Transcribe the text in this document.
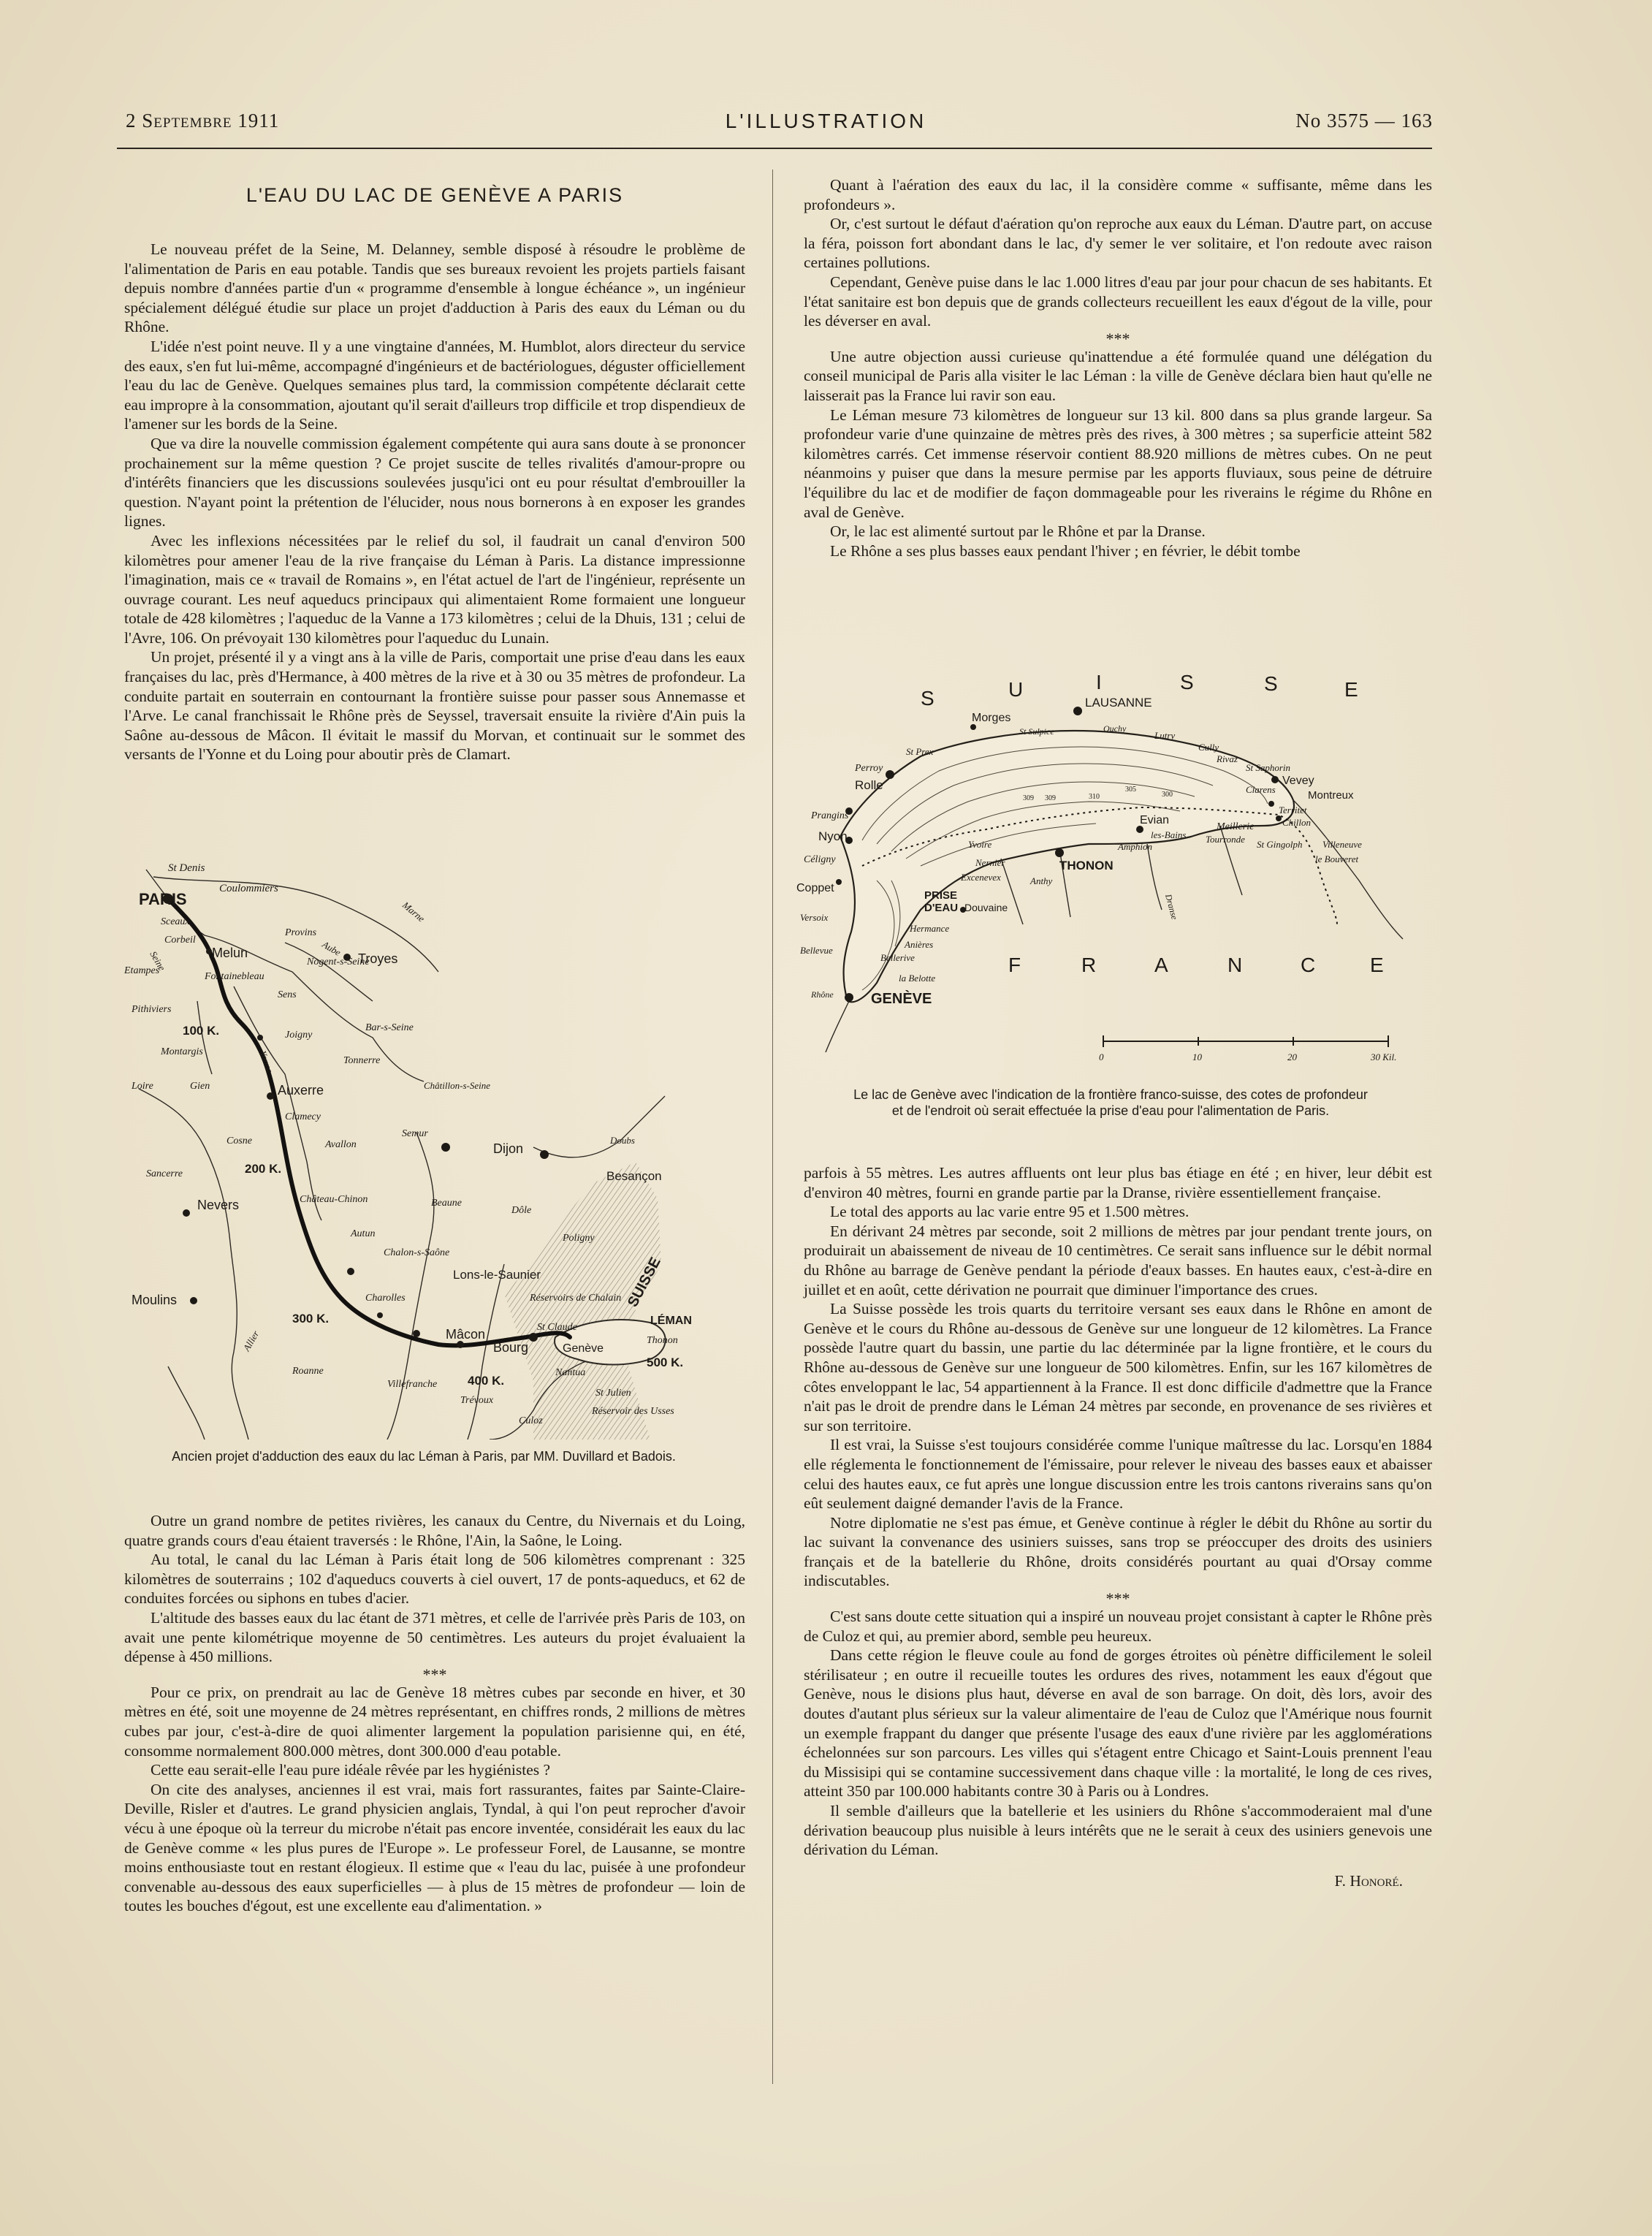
2 Septembre 1911	L'ILLUSTRATION	No 3575 — 163
L'EAU DU LAC DE GENÈVE A PARIS

Le nouveau préfet de la Seine, M. Delanney, semble disposé à résoudre le problème de l'alimentation de Paris en eau potable. Tandis que ses bureaux revoient les projets partiels faisant depuis nombre d'années partie d'un « programme d'ensemble à longue échéance », un ingénieur spécialement délégué étudie sur place un projet d'adduction à Paris des eaux du Léman ou du Rhône.

L'idée n'est point neuve. Il y a une vingtaine d'années, M. Humblot, alors directeur du service des eaux, s'en fut lui-même, accompagné d'ingénieurs et de bactériologues, déguster officiellement l'eau du lac de Genève. Quelques semaines plus tard, la commission compétente déclarait cette eau impropre à la consommation, ajoutant qu'il serait d'ailleurs trop difficile et trop dispendieux de l'amener sur les bords de la Seine.

Que va dire la nouvelle commission également compétente qui aura sans doute à se prononcer prochainement sur la même question ? Ce projet suscite de telles rivalités d'amour-propre ou d'intérêts financiers que les discussions soulevées jusqu'ici ont eu pour résultat d'embrouiller la question. N'ayant point la prétention de l'élucider, nous nous bornerons à en exposer les grandes lignes.

Avec les inflexions nécessitées par le relief du sol, il faudrait un canal d'environ 500 kilomètres pour amener l'eau de la rive française du Léman à Paris. La distance impressionne l'imagination, mais ce « travail de Romains », en l'état actuel de l'art de l'ingénieur, représente un ouvrage courant. Les neuf aqueducs principaux qui alimentaient Rome formaient une longueur totale de 428 kilomètres ; l'aqueduc de la Vanne a 173 kilomètres ; celui de la Dhuis, 131 ; celui de l'Avre, 106. On prévoyait 130 kilomètres pour l'aqueduc du Lunain.

Un projet, présenté il y a vingt ans à la ville de Paris, comportait une prise d'eau dans les eaux françaises du lac, près d'Hermance, à 400 mètres de la rive et à 30 ou 35 mètres de profondeur. La conduite partait en souterrain en contournant la frontière suisse pour passer sous Annemasse et l'Arve. Le canal franchissait le Rhône près de Seyssel, traversait ensuite la rivière d'Ain puis la Saône au-dessous de Mâcon. Il évitait le massif du Morvan, et continuait sur le sommet des versants de l'Yonne et du Loing pour aboutir près de Clamart.

PARIS
St Denis
Coulommiers
Sceaux
Corbeil
Melun
Etampes
Fontainebleau
Provins
Nogent-s-Seine
Sens
Troyes
Pithiviers
100 K.
Montargis
Joigny
Bar-s-Seine
Tonnerre
Auxerre	Châtillon-s-Seine
Gien
Loire
Clamecy
Avallon
Semur
Cosne
Dijon
Sancerre	200 K.
Besançon
Nevers	Château-Chinon	Beaune
Dôle
Autun	Poligny
Chalon-s-Saône
Lons-le-Saunier	SUISSE
Moulins
300 K.
Charolles	Réservoirs de Chalain
LÉMAN
Mâcon	St Claude
Bourg	Genève
Thonon
500 K.
Nantua
Roanne
Villefranche 400 K.
St Julien
Trévoux
Réservoir des Usses
Culoz
Allier
Marne
Aube
Seine
Yonne
Doubs
Ancien projet d'adduction des eaux du lac Léman à Paris, par MM. Duvillard et Badois.

Outre un grand nombre de petites rivières, les canaux du Centre, du Nivernais et du Loing, quatre grands cours d'eau étaient traversés : le Rhône, l'Ain, la Saône, le Loing.

Au total, le canal du lac Léman à Paris était long de 506 kilomètres comprenant : 325 kilomètres de souterrains ; 102 d'aqueducs couverts à ciel ouvert, 17 de ponts-aqueducs, et 62 de conduites forcées ou siphons en tubes d'acier.

L'altitude des basses eaux du lac étant de 371 mètres, et celle de l'arrivée près Paris de 103, on avait une pente kilométrique moyenne de 50 centimètres. Les auteurs du projet évaluaient la dépense à 450 millions.

***

Pour ce prix, on prendrait au lac de Genève 18 mètres cubes par seconde en hiver, et 30 mètres en été, soit une moyenne de 24 mètres représentant, en chiffres ronds, 2 millions de mètres cubes par jour, c'est-à-dire de quoi alimenter largement la population parisienne qui, en été, consomme normalement 800.000 mètres, dont 300.000 d'eau potable.

Cette eau serait-elle l'eau pure idéale rêvée par les hygiénistes ?

On cite des analyses, anciennes il est vrai, mais fort rassurantes, faites par Sainte-Claire-Deville, Risler et d'autres. Le grand physicien anglais, Tyndal, à qui l'on peut reprocher d'avoir vécu à une époque où la terreur du microbe n'était pas encore inventée, considérait les eaux du lac de Genève comme « les plus pures de l'Europe ». Le professeur Forel, de Lausanne, se montre moins enthousiaste tout en restant élogieux. Il estime que « l'eau du lac, puisée à une profondeur convenable au-dessous des eaux superficielles — à plus de 15 mètres de profondeur — loin de toutes les bouches d'égout, est une excellente eau d'alimentation. »

Quant à l'aération des eaux du lac, il la considère comme « suffisante, même dans les profondeurs ».

Or, c'est surtout le défaut d'aération qu'on reproche aux eaux du Léman. D'autre part, on accuse la féra, poisson fort abondant dans le lac, d'y semer le ver solitaire, et l'on redoute avec raison certaines pollutions.

Cependant, Genève puise dans le lac 1.000 litres d'eau par jour pour chacun de ses habitants. Et l'état sanitaire est bon depuis que de grands collecteurs recueillent les eaux d'égout de la ville, pour les déverser en aval.

***

Une autre objection aussi curieuse qu'inattendue a été formulée quand une délégation du conseil municipal de Paris alla visiter le lac Léman : la ville de Genève déclara bien haut qu'elle ne laisserait pas la France lui ravir son eau.

Le Léman mesure 73 kilomètres de longueur sur 13 kil. 800 dans sa plus grande largeur. Sa profondeur varie d'une quinzaine de mètres près des rives, à 300 mètres ; sa superficie atteint 582 kilomètres carrés. Cet immense réservoir contient 88.920 millions de mètres cubes. On ne peut néanmoins y puiser que dans la mesure permise par les apports fluviaux, sous peine de détruire l'équilibre du lac et de modifier de façon dommageable pour les riverains le régime du Rhône en aval de Genève.

Or, le lac est alimenté surtout par le Rhône et par la Dranse.

Le Rhône a ses plus basses eaux pendant l'hiver ; en février, le débit tombe

S	U	I	S	S	E
F	R	A	N	C	E
LAUSANNE
Morges
St Sulpice	Ouchy
Lutry
Cully
Rivaz
St Saphorin
Vevey
Clarens	Montreux
Territet
Chillon
Villeneuve
St Prex
Perroy
Rolle
Prangins
Nyon
Céligny
Coppet
Versoix
Bellevue
GENÈVE
Rhône
Evian
les-Bains
Meillerie
Tourronde St Gingolph
le Bouveret
THONON
Amphion
Yvoire
Nernier
Excenevex	Anthy
PRISE
D'EAU Douvaine
Hermance
Anières
Bellerive
la Belotte
Dranse
309 309	310
305
300
0	10	20	30 Kil.
Le lac de Genève avec l'indication de la frontière franco-suisse, des cotes de profondeur
et de l'endroit où serait effectuée la prise d'eau pour l'alimentation de Paris.

parfois à 55 mètres. Les autres affluents ont leur plus bas étiage en été ; en hiver, leur débit est d'environ 40 mètres, fourni en grande partie par la Dranse, rivière essentiellement française.

Le total des apports au lac varie entre 95 et 1.500 mètres.

En dérivant 24 mètres par seconde, soit 2 millions de mètres par jour pendant trente jours, on produirait un abaissement de niveau de 10 centimètres. Ce serait sans influence sur le débit normal du Rhône au barrage de Genève pendant la période d'eaux basses. En hautes eaux, c'est-à-dire en juillet et en août, cette dérivation ne pourrait que diminuer l'importance des crues.

La Suisse possède les trois quarts du territoire versant ses eaux dans le Rhône en amont de Genève et le cours du Rhône au-dessous de Genève sur une longueur de 12 kilomètres. La France possède l'autre quart du bassin, une partie du lac déterminée par la ligne frontière, et le cours du Rhône au-dessous de Genève sur une longueur de 500 kilomètres. Enfin, sur les 167 kilomètres de côtes enveloppant le lac, 54 appartiennent à la France. Il est donc difficile d'admettre que la France n'ait pas le droit de prendre dans le Léman 24 mètres par seconde, en provenance de ses rivières et sur son territoire.

Il est vrai, la Suisse s'est toujours considérée comme l'unique maîtresse du lac. Lorsqu'en 1884 elle réglementa le fonctionnement de l'émissaire, pour relever le niveau des basses eaux et abaisser celui des hautes eaux, ce fut après une longue discussion entre les trois cantons riverains sans qu'on eût seulement daigné demander l'avis de la France.

Notre diplomatie ne s'est pas émue, et Genève continue à régler le débit du Rhône au sortir du lac suivant la convenance des usiniers suisses, sans trop se préoccuper des droits des usiniers français et de la batellerie du Rhône, droits considérés pourtant au quai d'Orsay comme indiscutables.

***

C'est sans doute cette situation qui a inspiré un nouveau projet consistant à capter le Rhône près de Culoz et qui, au premier abord, semble peu heureux.

Dans cette région le fleuve coule au fond de gorges étroites où pénètre difficilement le soleil stérilisateur ; en outre il recueille toutes les ordures des rives, notamment les eaux d'égout que Genève, nous le disions plus haut, déverse en aval de son barrage. On doit, dès lors, avoir des doutes d'autant plus sérieux sur la valeur alimentaire de l'eau de Culoz que l'Amérique nous fournit un exemple frappant du danger que présente l'usage des eaux d'une rivière par les agglomérations échelonnées sur son parcours. Les villes qui s'étagent entre Chicago et Saint-Louis prennent l'eau du Missisipi qui se contamine successivement dans chaque ville : la mortalité, le long de ces rives, atteint 350 par 100.000 habitants contre 30 à Paris ou à Londres.

Il semble d'ailleurs que la batellerie et les usiniers du Rhône s'accommoderaient mal d'une dérivation beaucoup plus nuisible à leurs intérêts que ne le serait à ceux des usiniers genevois une dérivation du Léman.

F. Honoré.
